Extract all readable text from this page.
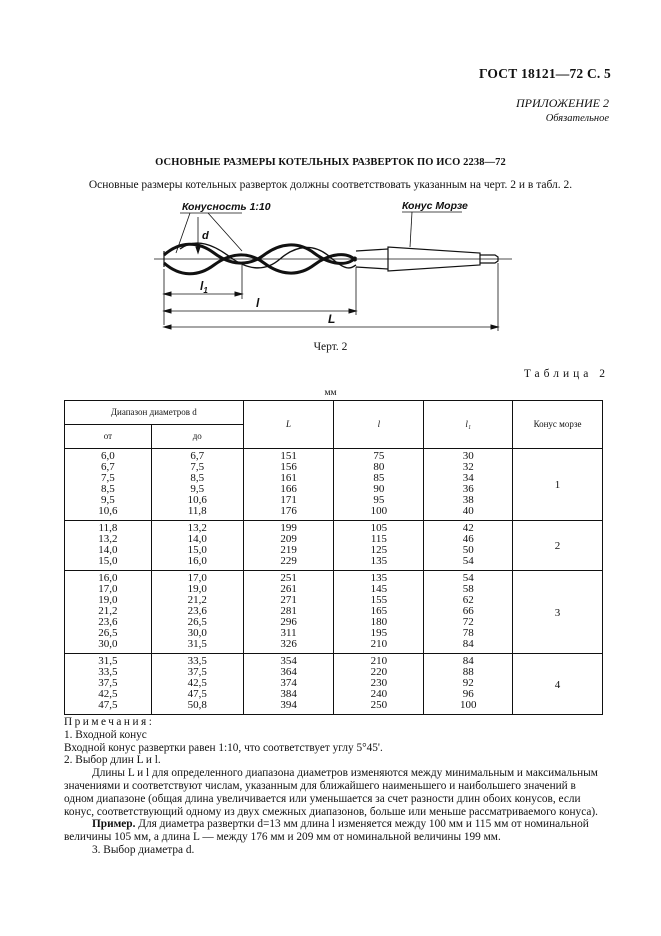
ГОСТ 18121—72 С. 5
ПРИЛОЖЕНИЕ 2
Обязательное
ОСНОВНЫЕ РАЗМЕРЫ КОТЕЛЬНЫХ РАЗВЕРТОК ПО ИСО 2238—72
Основные размеры котельных разверток должны соответствовать указанным на черт. 2 и в табл. 2.
Конусность 1:10	Конус Морзе
d
$l_1$
l
L
Черт. 2
Таблица 2
мм
Диапазон диаметров d		L	l	l₁	Конус морзе
от	до				
6,0	6,7	151	75	30	1
6,7	7,5	156	80	32	
7,5	8,5	161	85	34	
8,5	9,5	166	90	36	
9,5	10,6	171	95	38	
10,6	11,8	176	100	40	
11,8	13,2	199	105	42	2
13,2	14,0	209	115	46	
14,0	15,0	219	125	50	
15,0	16,0	229	135	54	
16,0	17,0	251	135	54	3
17,0	19,0	261	145	58	
19,0	21,2	271	155	62	
21,2	23,6	281	165	66	
23,6	26,5	296	180	72	
26,5	30,0	311	195	78	
30,0	31,5	326	210	84	
31,5	33,5	354	210	84	4
33,5	37,5	364	220	88	
37,5	42,5	374	230	92	
42,5	47,5	384	240	96	
47,5	50,8	394	250	100	

Примечания:

1. Входной конус

Входной конус развертки равен 1:10, что соответствует углу 5°45'.

2. Выбор длин L и l.

Длины L и l для определенного диапазона диаметров изменяются между минимальным и максимальным значениями и соответствуют числам, указанным для ближайшего наименьшего и наибольшего значений в одном диапазоне (общая длина увеличивается или уменьшается за счет разности длин обоих конусов, если конус, соответствующий одному из двух смежных диапазонов, больше или меньше рассматриваемого конуса).

Пример. Для диаметра развертки d=13 мм длина l изменяется между 100 мм и 115 мм от номинальной величины 105 мм, а длина L — между 176 мм и 209 мм от номинальной величины 199 мм.

3. Выбор диаметра d.
